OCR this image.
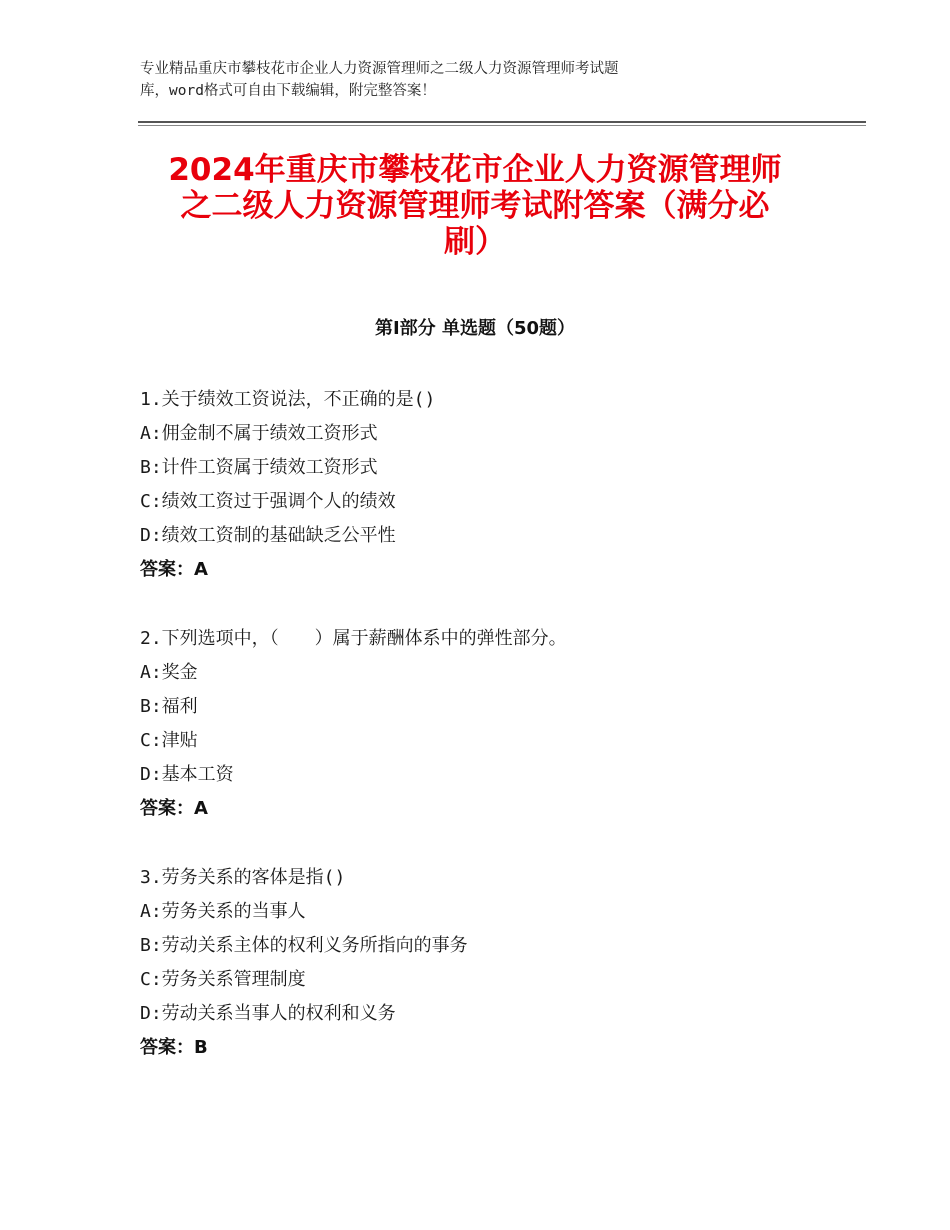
专业精品重庆市攀枝花市企业人力资源管理师之二级人力资源管理师考试题
库，word格式可自由下载编辑，附完整答案！
2024年重庆市攀枝花市企业人力资源管理师
之二级人力资源管理师考试附答案（满分必
刷）
第Ⅰ部分 单选题（50题）
1.关于绩效工资说法，不正确的是()
A:佣金制不属于绩效工资形式
B:计件工资属于绩效工资形式
C:绩效工资过于强调个人的绩效
D:绩效工资制的基础缺乏公平性
答案：A
2.下列选项中，（　　）属于薪酬体系中的弹性部分。
A:奖金
B:福利
C:津贴
D:基本工资
答案：A
3.劳务关系的客体是指()
A:劳务关系的当事人
B:劳动关系主体的权利义务所指向的事务
C:劳务关系管理制度
D:劳动关系当事人的权利和义务
答案：B
